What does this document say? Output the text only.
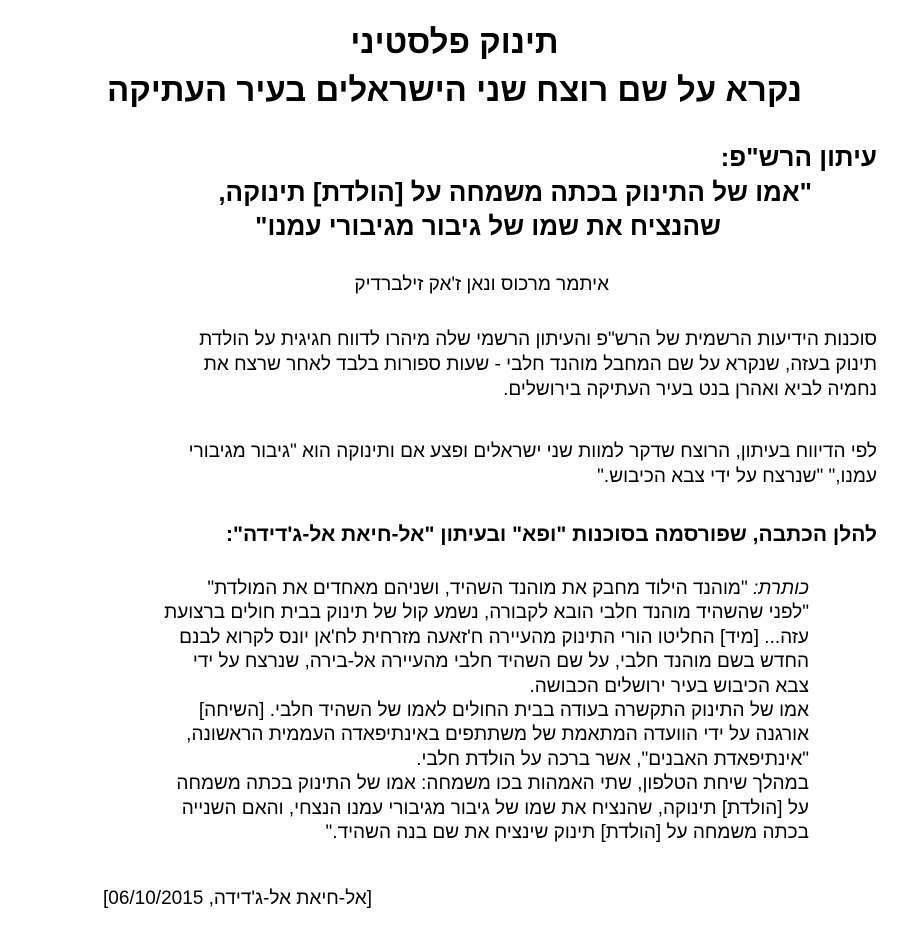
תינוק פלסטיני
נקרא על שם רוצח שני הישראלים בעיר העתיקה
עיתון הרש"פ:
"אמו של התינוק בכתה משמחה על [הולדת] תינוקה,
שהנציח את שמו של גיבור מגיבורי עמנו"
איתמר מרכוס ונאן ז'אק זילברדיק
סוכנות הידיעות הרשמית של הרש"פ והעיתון הרשמי שלה מיהרו לדווח חגיגית על הולדת
תינוק בעזה, שנקרא על שם המחבל מוהנד חלבי - שעות ספורות בלבד לאחר שרצח את
נחמיה לביא ואהרן בנט בעיר העתיקה בירושלים.
לפי הדיווח בעיתון, הרוצח שדקר למוות שני ישראלים ופצע אם ותינוקה הוא "גיבור מגיבורי
עמנו," "שנרצח על ידי צבא הכיבוש."
להלן הכתבה, שפורסמה בסוכנות "ופא" ובעיתון "אל-חיאת אל-ג'דידה":
כותרת: "מוהנד הילוד מחבק את מוהנד השהיד, ושניהם מאחדים את המולדת"
"לפני שהשהיד מוהנד חלבי הובא לקבורה, נשמע קול של תינוק בבית חולים ברצועת
עזה... [מיד] החליטו הורי התינוק מהעיירה ח'זאעה מזרחית לח'אן יונס לקרוא לבנם
החדש בשם מוהנד חלבי, על שם השהיד חלבי מהעיירה אל-בירה, שנרצח על ידי
צבא הכיבוש בעיר ירושלים הכבושה.
אמו של התינוק התקשרה בעודה בבית החולים לאמו של השהיד חלבי. [השיחה]
אורגנה על ידי הוועדה המתאמת של משתתפים באינתיפאדה העממית הראשונה,
"אינתיפאדת האבנים", אשר ברכה על הולדת חלבי.
במהלך שיחת הטלפון, שתי האמהות בכו משמחה: אמו של התינוק בכתה משמחה
על [הולדת] תינוקה, שהנציח את שמו של גיבור מגיבורי עמנו הנצחי, והאם השנייה
בכתה משמחה על [הולדת] תינוק שינציח את שם בנה השהיד."
[אל-חיאת אל-ג'דידה, 06/10/2015]
